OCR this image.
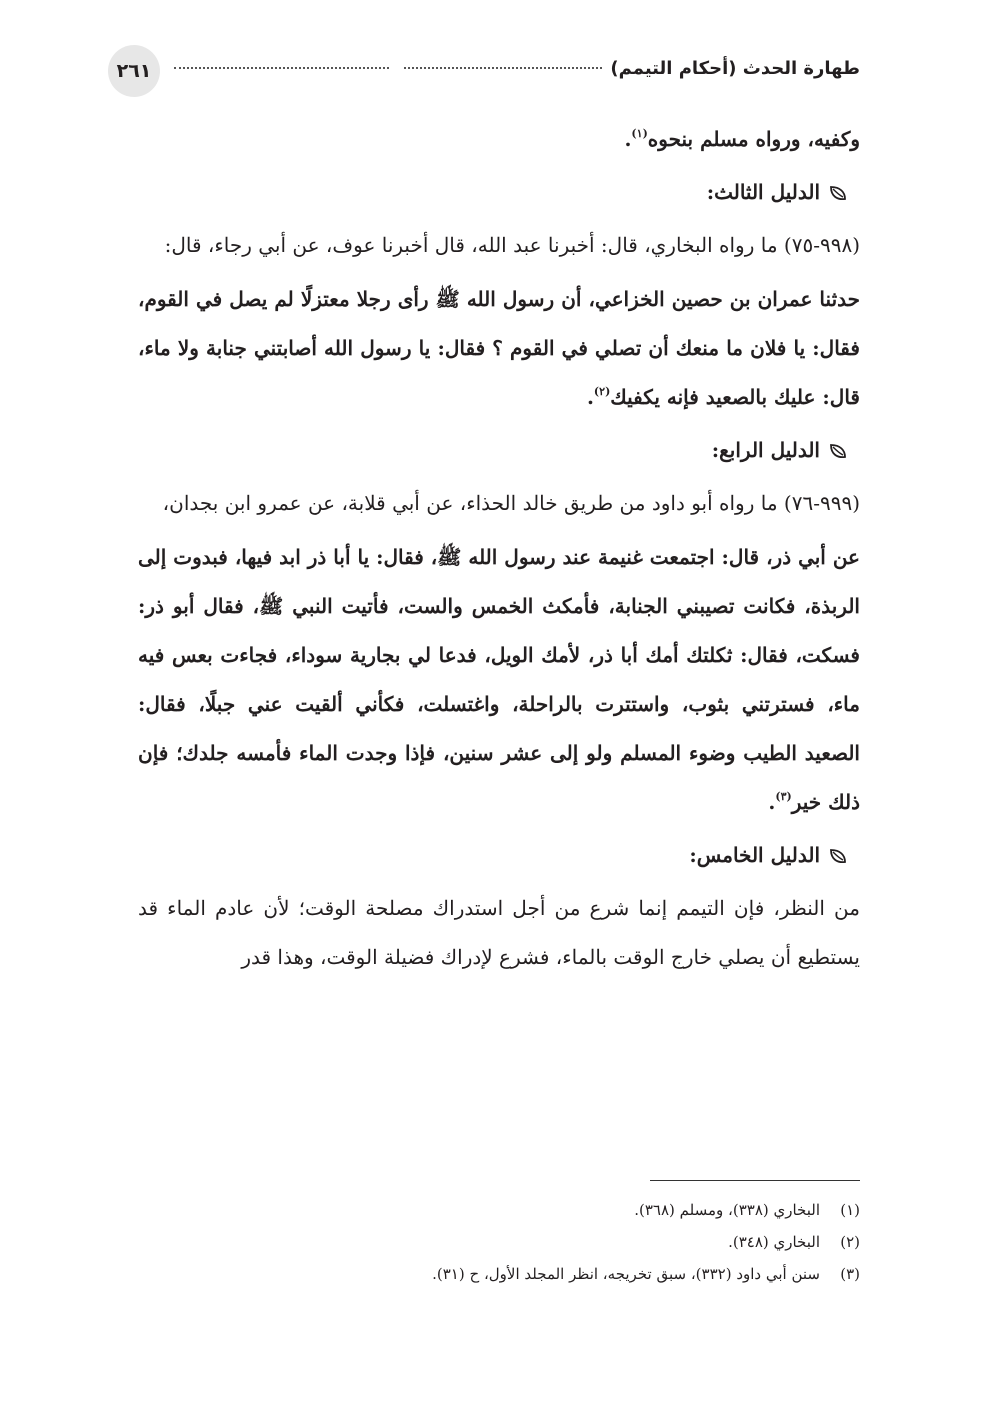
طهارة الحدث (أحكام التيمم)
٢٦١

وكفيه، ورواه مسلم بنحوه$^{(١)}$.

الدليل الثالث:

(٩٩٨-٧٥) ما رواه البخاري، قال: أخبرنا عبد الله، قال أخبرنا عوف، عن أبي رجاء، قال:

حدثنا عمران بن حصين الخزاعي، أن رسول الله ﷺ رأى رجلا معتزلًا لم يصل في القوم، فقال: يا فلان ما منعك أن تصلي في القوم ؟ فقال: يا رسول الله أصابتني جنابة ولا ماء، قال: عليك بالصعيد فإنه يكفيك$^{(٢)}$.

الدليل الرابع:

(٩٩٩-٧٦) ما رواه أبو داود من طريق خالد الحذاء، عن أبي قلابة، عن عمرو ابن بجدان،

عن أبي ذر، قال: اجتمعت غنيمة عند رسول الله ﷺ، فقال: يا أبا ذر ابد فيها، فبدوت إلى الربذة، فكانت تصيبني الجنابة، فأمكث الخمس والست، فأتيت النبي ﷺ، فقال أبو ذر: فسكت، فقال: ثكلتك أمك أبا ذر، لأمك الويل، فدعا لي بجارية سوداء، فجاءت بعس فيه ماء، فسترتني بثوب، واستترت بالراحلة، واغتسلت، فكأني ألقيت عني جبلًا، فقال: الصعيد الطيب وضوء المسلم ولو إلى عشر سنين، فإذا وجدت الماء فأمسه جلدك؛ فإن ذلك خير$^{(٣)}$.

الدليل الخامس:

من النظر، فإن التيمم إنما شرع من أجل استدراك مصلحة الوقت؛ لأن عادم الماء قد يستطيع أن يصلي خارج الوقت بالماء، فشرع لإدراك فضيلة الوقت، وهذا قدر

(١)البخاري (٣٣٨)، ومسلم (٣٦٨).

(٢)البخاري (٣٤٨).

(٣)سنن أبي داود (٣٣٢)، سبق تخريجه، انظر المجلد الأول، ح (٣١).
